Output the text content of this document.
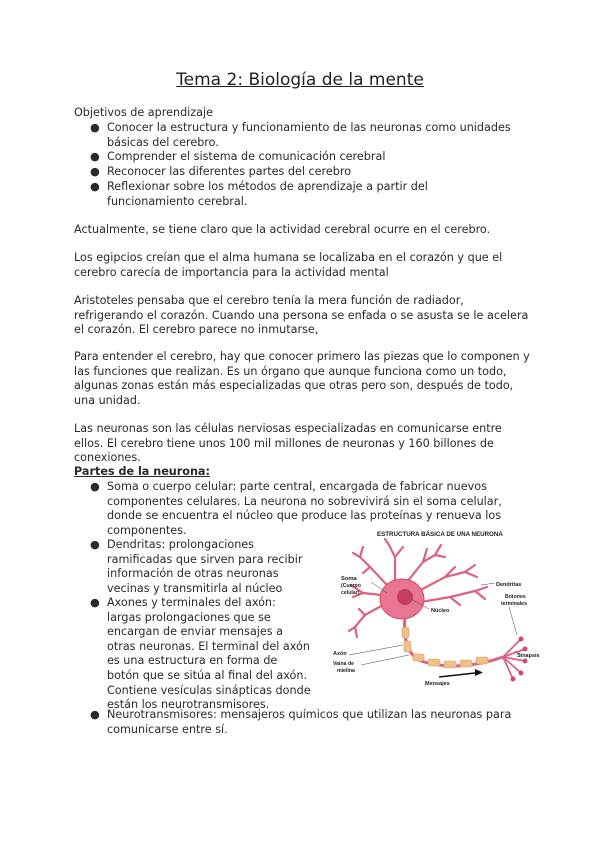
Tema 2: Biología de la mente
Objetivos de aprendizaje
● Conocer la estructura y funcionamiento de las neuronas como unidades básicas del cerebro.
● Comprender el sistema de comunicación cerebral
● Reconocer las diferentes partes del cerebro
● Reflexionar sobre los métodos de aprendizaje a partir del funcionamiento cerebral.
Actualmente, se tiene claro que la actividad cerebral ocurre en el cerebro.
Los egipcios creían que el alma humana se localizaba en el corazón y que el cerebro carecía de importancia para la actividad mental
Aristoteles pensaba que el cerebro tenía la mera función de radiador, refrigerando el corazón. Cuando una persona se enfada o se asusta se le acelera el corazón. El cerebro parece no inmutarse,
Para entender el cerebro, hay que conocer primero las piezas que lo componen y las funciones que realizan. Es un órgano que aunque funciona como un todo, algunas zonas están más especializadas que otras pero son, después de todo, una unidad.
Las neuronas son las células nerviosas especializadas en comunicarse entre ellos. El cerebro tiene unos 100 mil millones de neuronas y 160 billones de conexiones.
Partes de la neurona:
● Soma o cuerpo celular: parte central, encargada de fabricar nuevos componentes celulares. La neurona no sobrevivirá sin el soma celular, donde se encuentra el núcleo que produce las proteínas y renueva los componentes.
● Dendritas: prolongaciones ramificadas que sirven para recibir información de otras neuronas vecinas y transmitirla al núcleo
● Axones y terminales del axón: largas prolongaciones que se encargan de enviar mensajes a otras neuronas. El terminal del axón es una estructura en forma de botón que se sitúa al final del axón. Contiene vesículas sinápticas donde están los neurotransmisores.
● Neurotransmisores: mensajeros químicos que utilizan las neuronas para comunicarse entre sí.
ESTRUCTURA BÁSICA DE UNA NEURONA
Soma
(Cuerpo
celular)
Dendritas
Núcleo
Botones
terminales
Axón
Vaina de
mielina
Sinapsis
Mensajes
